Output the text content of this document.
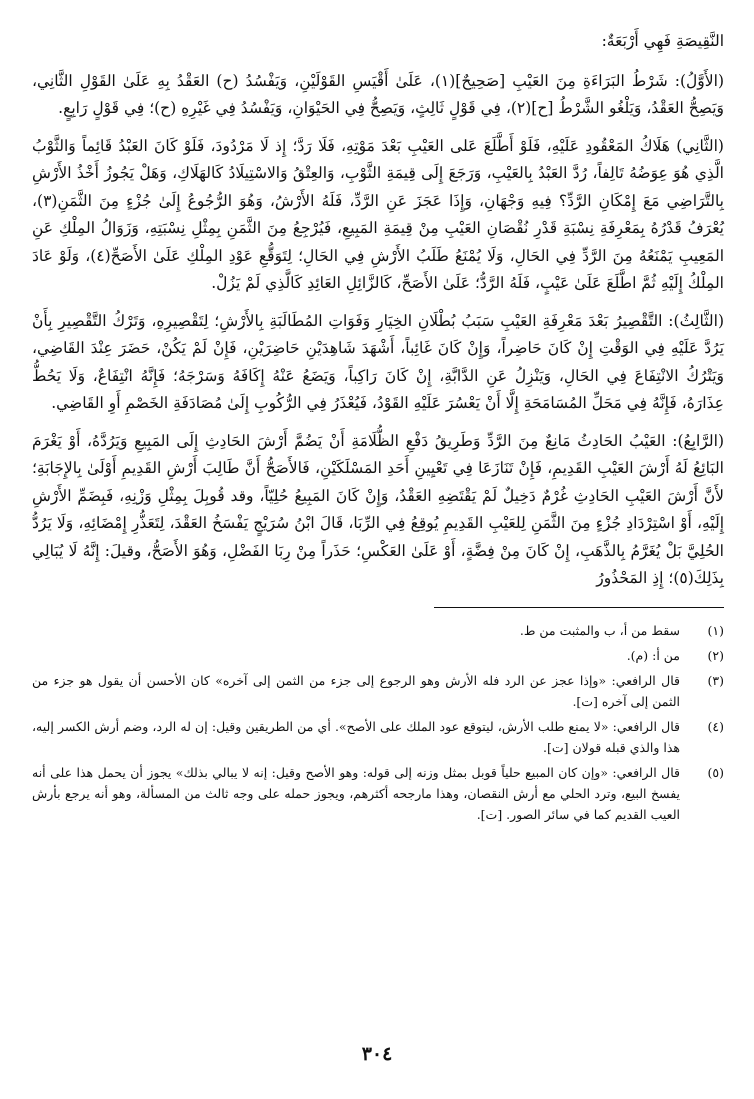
النَّقِيصَةِ فَهِي أَرْبَعَةٌ:

(الأَوَّلُ): شَرْطُ البَرَاءَةِ مِنَ العَيْبِ [صَحِيحٌ](١)، عَلَىٰ أَقْيَسِ القَوْلَيْنِ، وَيَفْسُدُ (ح) العَقْدُ بِهِ عَلَىٰ القَوْلِ الثَّانِي، وَيَصِحُّ العَقْدُ، وَيَلْغُو الشَّرْطُ [ح](٢)، فِي قَوْلٍ ثَالِثٍ، وَيَصِحُّ فِي الحَيْوَانِ، وَيَفْسُدُ فِي غَيْرِهِ (ح)؛ فِي قَوْلٍ رَابِعٍ.

(الثَّانِي) هَلَاكُ المَعْقُودِ عَلَيْهِ، فَلَوْ أَطَّلَعَ عَلى العَيْبِ بَعْدَ مَوْتِهِ، فَلَا رَدَّ؛ إِذ لَا مَرْدُودَ، فَلَوْ كَانَ العَبْدُ قَائِماً وَالثَّوْبُ الَّذِي هُوَ عِوَضُهُ تَالِفاً، رُدَّ العَبْدُ بِالعَيْبِ، وَرَجَعَ إِلَى قِيمَةِ الثَّوْبِ، وَالعِتْقُ وَالاسْتِيلَادُ كَالهَلَاكِ، وَهَلْ يَجُوزُ أَخْذُ الأَرْشِ بِالتَّرَاضِي مَعَ إِمْكَانِ الرَّدِّ؟ فِيهِ وَجْهَانِ، وَإِذَا عَجَزَ عَنِ الرَّدِّ، فَلَهُ الأَرْشُ، وَهُوَ الرُّجُوعُ إِلَىٰ جُزْءٍ مِنَ الثَّمَنِ(٣)، يُعْرَفُ قَدْرُهُ بِمَعْرِفَةِ نِسْبَةِ قَدْرِ نُقْصَانِ العَيْبِ مِنْ قِيمَةِ المَبِيعِ، فَيُرْجِعُ مِنَ الثَّمَنِ بِمِثْلِ نِسْبَتِهِ، وَزَوَالُ المِلْكِ عَنِ المَعِيبِ يَمْنَعُهُ مِنَ الرَّدِّ فِي الحَالِ، وَلَا يُمْنَعُ طَلَبُ الأَرْشِ فِي الحَالِ؛ لِتَوَقُّعِ عَوْدِ المِلْكِ عَلَىٰ الأَصَحِّ(٤)، وَلَوْ عَادَ المِلْكُ إِلَيْهِ ثُمَّ اطَّلَعَ عَلَىٰ عَيْبٍ، فَلَهُ الرَّدُّ؛ عَلَىٰ الأَصَحِّ، كَالزَّائِلِ العَائِدِ كَالَّذِي لَمْ يَزُلْ.

(الثَّالِثُ): التَّقْصِيرُ بَعْدَ مَعْرِفَةِ العَيْبِ سَبَبُ بُطْلَانِ الخِيَارِ وَفَوَاتِ المُطَالَبَةِ بِالأَرْشِ؛ لِتَقْصِيرِهِ، وَتَرْكُ التَّقْصِيرِ بِأَنْ يَرُدَّ عَلَيْهِ فِي الوَقْتِ إِنْ كَانَ حَاضِراً، وَإِنْ كَانَ غَائِباً، أَشْهَدَ شَاهِدَيْنِ حَاضِرَيْنِ، فَإِنْ لَمْ يَكُنْ، حَضَرَ عِنْدَ القَاضِي، وَيَتْرُكُ الانْتِفَاعَ فِي الحَالِ، وَيَنْزِلُ عَنِ الدَّابَّةِ، إِنْ كَانَ رَاكِباً، وَيَضَعُ عَنْهُ إِكَافَهُ وَسَرْجَهُ؛ فَإِنَّهُ انْتِفَاعٌ، وَلَا يَحُطُّ عِذَارَهُ، فَإِنَّهُ فِي مَحَلِّ المُسَامَحَةِ إِلَّا أَنْ يَعْسُرَ عَلَيْهِ القَوْدُ، فَيُعْذَرُ فِي الرُّكُوبِ إِلَىٰ مُصَادَفَةِ الخَصْمِ أَوِ القَاضِي.

(الرَّابِعُ): العَيْبُ الحَادِثُ مَانِعٌ مِنَ الرَّدِّ وَطَرِيقُ دَفْعِ الظُّلَامَةِ أَنْ يَضُمَّ أَرْشَ الحَادِثِ إِلَى المَبِيعِ وَيَرُدَّهُ، أَوْ يَغْرَمَ البَائِعُ لَهُ أَرْشَ العَيْبِ القَدِيمِ، فَإِنْ تَنَازَعَا فِي تَعْيِينِ أَحَدِ المَسْلَكَيْنِ، فَالأَصَحُّ أَنَّ طَالِبَ أَرْشِ القَدِيمِ أَوْلَىٰ بِالإِجَابَةِ؛ لأَنَّ أَرْشَ العَيْبِ الحَادِثِ غُرْمٌ دَخِيلٌ لَمْ يَقْتَضِهِ العَقْدُ، وَإِنْ كَانَ المَبِيعُ حُلِيّاً، وقد قُوبِلَ بِمِثْلِ وَزْنِهِ، فَبِضَمِّ الأَرْشِ إِلَيْهِ، أَوْ اسْتِرْدَادِ جُزْءٍ مِنَ الثَّمَنِ لِلعَيْبِ القَدِيمِ يُوقِعُ فِي الرِّبَا، قَالَ ابْنُ سُرَيْجٍ يَفْسَخُ العَقْدَ، لِتَعَذُّرِ إِمْضَائِهِ، وَلَا يَرُدُّ الحُلِيَّ بَلْ يُغَرَّمُ بِالذَّهَبِ، إِنْ كَانَ مِنْ فِضَّةٍ، أَوْ عَلَىٰ العَكْسِ؛ حَذَراً مِنْ رِبَا الفَضْلِ، وَهُوَ الأَصَحُّ، وقيلَ: إِنَّهُ لَا يُبَالِي بِذَلِكَ(٥)؛ إِذِ المَحْذُورُ

(١)
سقط من أ، ب والمثبت من ط.
(٢)
من أ: (م).
(٣)
قال الرافعي: «وإذا عجز عن الرد فله الأرش وهو الرجوع إلى جزء من الثمن إلى آخره» كان الأحسن أن يقول هو جزء من الثمن إلى آخره [ت].
(٤)
قال الرافعي: «لا يمنع طلب الأرش، ليتوقع عود الملك على الأصح». أي من الطريقين وقيل: إن له الرد، وضم أرش الكسر إليه، هذا والذي قبله قولان [ت].
(٥)
قال الرافعي: «وإن كان المبيع حلياً قوبل بمثل وزنه إلى قوله: وهو الأصح وقيل: إنه لا يبالي بذلك» يجوز أن يحمل هذا على أنه يفسخ البيع، وترد الحلي مع أرش النقصان، وهذا مارجحه أكثرهم، ويجوز حمله على وجه ثالث من المسألة، وهو أنه يرجع بأرش العيب القديم كما في سائر الصور. [ت].
٣٠٤
